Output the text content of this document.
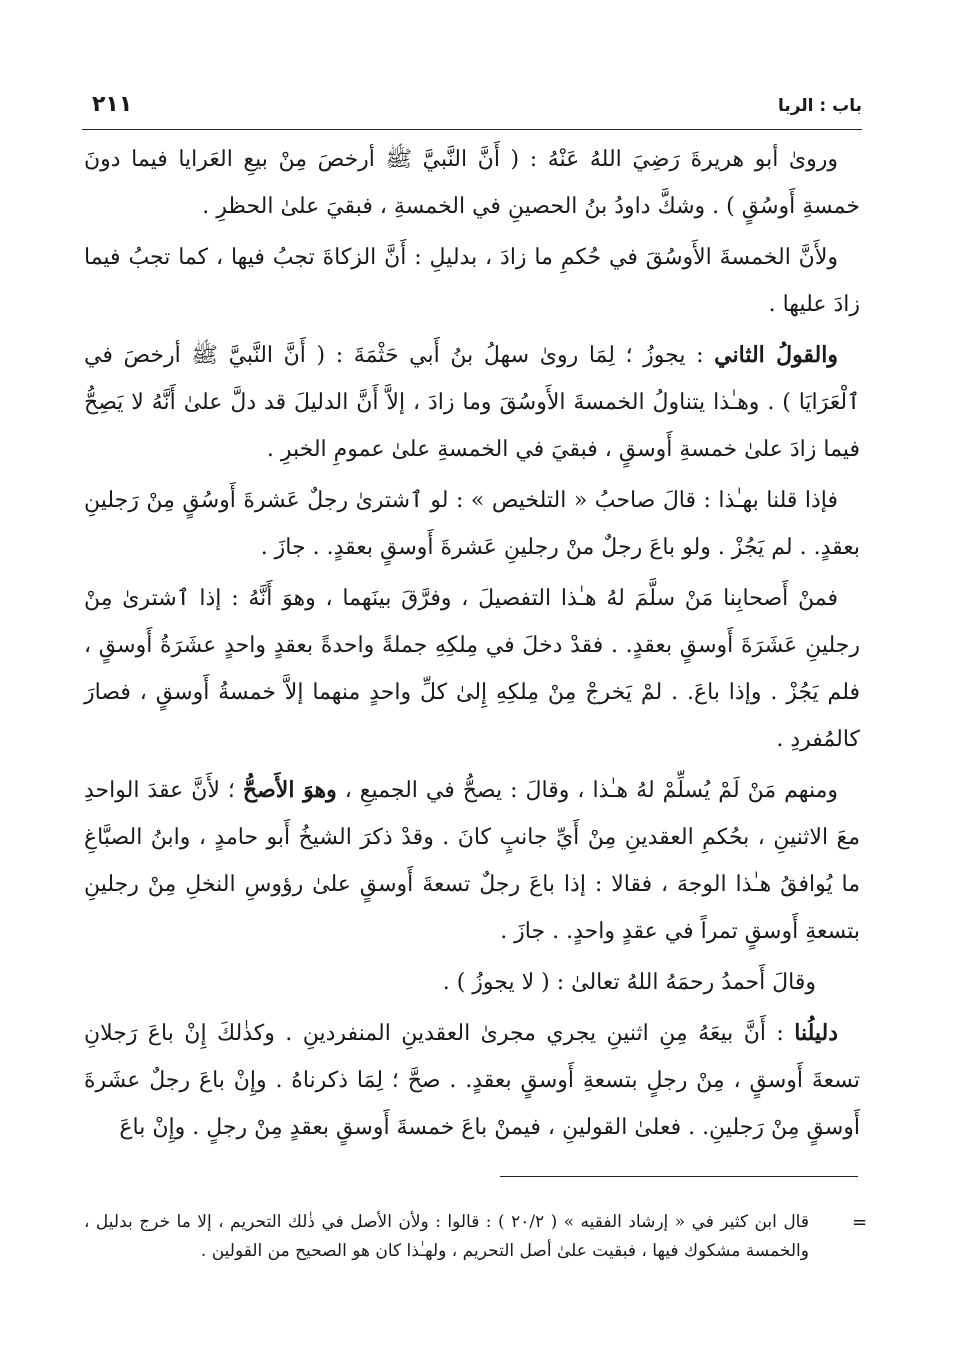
باب : الربا
٢١١

ورویٰ أبو هريرةَ رَضِيَ اللهُ عَنْهُ : ( أَنَّ النَّبيَّ ﷺ أرخصَ مِنْ بيعِ العَرايا فيما دونَ خمسةِ أَوسُقٍ ) . وشكَّ داودُ بنُ الحصينِ في الخمسةِ ، فبقيَ علىٰ الحظرِ .

ولأَنَّ الخمسةَ الأَوسُقَ في حُكمِ ما زادَ ، بدليلِ : أَنَّ الزكاةَ تجبُ فيها ، كما تجبُ فيما زادَ عليها .

والقولُ الثاني : يجوزُ ؛ لِمَا رویٰ سهلُ بنُ أَبي حَثْمَةَ : ( أَنَّ النَّبيَّ ﷺ أرخصَ في ٱلْعَرَايَا ) . وهـٰذا يتناولُ الخمسةَ الأَوسُقَ وما زادَ ، إلاَّ أَنَّ الدليلَ قد دلَّ علىٰ أَنَّهُ لا يَصِحُّ فيما زادَ علىٰ خمسةِ أَوسقٍ ، فبقيَ في الخمسةِ علىٰ عمومِ الخبرِ .

فإذا قلنا بهـٰذا : قالَ صاحبُ « التلخيص » : لو ٱشترىٰ رجلٌ عَشرةَ أَوسُقٍ مِنْ رَجلينِ بعقدٍ. . لم يَجُزْ . ولو باعَ رجلٌ منْ رجلينِ عَشرةَ أَوسقٍ بعقدٍ. . جازَ .

فمنْ أَصحابِنا مَنْ سلَّمَ لهُ هـٰذا التفصيلَ ، وفرَّقَ بينَهما ، وهوَ أَنَّهُ : إذا ٱشترىٰ مِنْ رجلينِ عَشَرَةَ أَوسقٍ بعقدٍ. . فقدْ دخلَ في مِلكِهِ جملةً واحدةً بعقدٍ واحدٍ عشَرَةُ أَوسقٍ ، فلم يَجُزْ . وإذا باعَ. . لمْ يَخرجْ مِنْ مِلكِهِ إِلىٰ كلِّ واحدٍ منهما إلاَّ خمسةُ أَوسقٍ ، فصارَ كالمُفردِ .

ومنهم مَنْ لَمْ يُسلِّمْ لهُ هـٰذا ، وقالَ : يصحُّ في الجميعِ ، وهوَ الأَصحُّ ؛ لأَنَّ عقدَ الواحدِ معَ الاثنينِ ، بحُكمِ العقدينِ مِنْ أَيِّ جانبٍ كانَ . وقدْ ذكرَ الشيخُ أَبو حامدٍ ، وابنُ الصبَّاغِ ما يُوافقُ هـٰذا الوجهَ ، فقالا : إذا باعَ رجلٌ تسعةَ أَوسقٍ علىٰ رؤوسِ النخلِ مِنْ رجلينِ بتسعةِ أَوسقٍ تمراً في عقدٍ واحدٍ. . جازَ .

وقالَ أَحمدُ رحمَهُ اللهُ تعالىٰ : ( لا يجوزُ ) .

دليلُنا : أَنَّ بيعَهُ مِنِ اثنينِ يجري مجرىٰ العقدينِ المنفردينِ . وكذٰلكَ إِنْ باعَ رَجلانِ تسعةَ أَوسقٍ ، مِنْ رجلٍ بتسعةِ أَوسقٍ بعقدٍ. . صحَّ ؛ لِمَا ذكرناهُ . وإِنْ باعَ رجلٌ عشَرةَ أَوسقٍ مِنْ رَجلينِ. . فعلىٰ القولينِ ، فيمنْ باعَ خمسةَ أَوسقٍ بعقدٍ مِنْ رجلٍ . وإِنْ باعَ

=
قال ابن كثير في « إرشاد الفقيه » ( ٢٠/٢ ) : قالوا : ولأن الأصل في ذٰلك التحريم ، إلا ما خرج بدليل ، والخمسة مشكوك فيها ، فبقيت علىٰ أصل التحريم ، ولهـٰذا كان هو الصحيح من القولين .
